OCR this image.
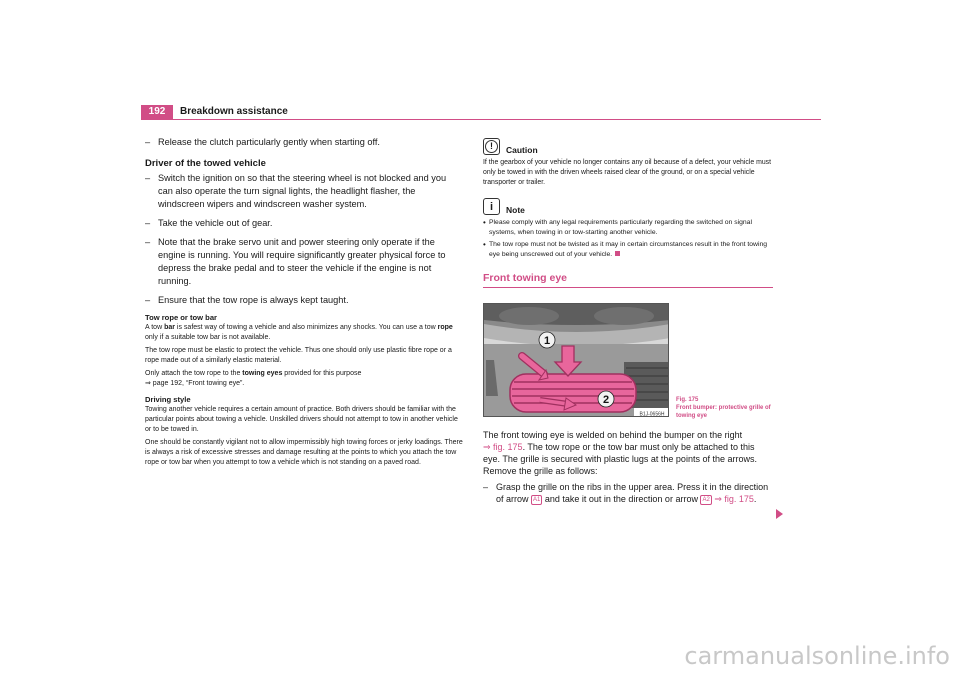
192	Breakdown assistance
– Release the clutch particularly gently when starting off.
Driver of the towed vehicle
– Switch the ignition on so that the steering wheel is not blocked and you can also operate the turn signal lights, the headlight flasher, the windscreen wipers and windscreen washer system.
– Take the vehicle out of gear.
– Note that the brake servo unit and power steering only operate if the engine is running. You will require significantly greater physical force to depress the brake pedal and to steer the vehicle if the engine is not running.
– Ensure that the tow rope is always kept taught.
Tow rope or tow bar

A tow bar is safest way of towing a vehicle and also minimizes any shocks. You can use a tow rope only if a suitable tow bar is not available.

The tow rope must be elastic to protect the vehicle. Thus one should only use plastic fibre rope or a rope made out of a similarly elastic material.

Only attach the tow rope to the towing eyes provided for this purpose
⇒ page 192, “Front towing eye”.

Driving style

Towing another vehicle requires a certain amount of practice. Both drivers should be familiar with the particular points about towing a vehicle. Unskilled drivers should not attempt to tow in another vehicle or to be towed in.

One should be constantly vigilant not to allow impermissibly high towing forces or jerky loadings. There is always a risk of excessive stresses and damage resulting at the points to which you attach the tow rope or tow bar when you attempt to tow a vehicle which is not standing on a paved road.

!	Caution

If the gearbox of your vehicle no longer contains any oil because of a defect, your vehicle must only be towed in with the driven wheels raised clear of the ground, or on a special vehicle transporter or trailer.

i	Note
• Please comply with any legal requirements particularly regarding the switched on signal systems, when towing in or tow-starting another vehicle.
• The tow rope must not be twisted as it may in certain circumstances result in the front towing eye being unscrewed out of your vehicle.
Front towing eye
1
2
B1J-0656H
Fig. 175
Front bumper: protective grille of towing eye

The front towing eye is welded on behind the bumper on the right
⇒ fig. 175. The tow rope or the tow bar must only be attached to this eye. The grille is secured with plastic lugs at the points of the arrows. Remove the grille as follows:

– Grasp the grille on the ribs in the upper area. Press it in the direction of arrow A1 and take it out in the direction or arrow A2 ⇒ fig. 175.
carmanualsonline.info
